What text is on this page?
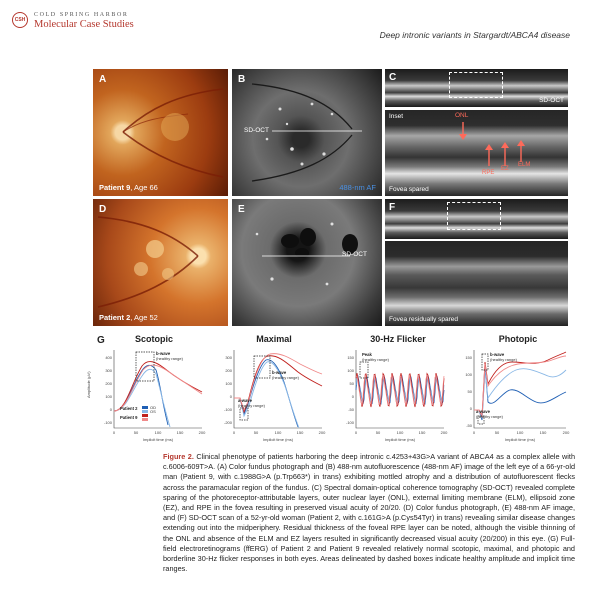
CSH
COLD SPRING HARBOR
Molecular Case Studies
Deep intronic variants in Stargardt/ABCA4 disease
A
Patient 9, Age 66
B
SD-OCT
488-nm AF
C
SD-OCT
Inset	ONL
RPE
EZ
ELM
Fovea spared
D
Patient 2, Age 52
E
SD-OCT
F
Fovea residually spared
G	Scotopic
Amplitude (µV)
400
300
200
100
0
-100
0	50	100	150	200
Implicit time (ms)
b-wave
(healthy range)
Patient 2
Patient 9
OD
OS
Maximal
300
200
100
0
-100
-200
0	50	100	150	200
Implicit time (ms)
b-wave
(healthy range)
a-wave
(healthy range)
30-Hz Flicker
150
100
50
0
-50
-100
0	50	100	150	200
Implicit time (ms)
Peak
(healthy range)
Photopic
150
100
50
0
-50
0	50	100	150	200
Implicit time (ms)
b-wave
(healthy range)
a-wave
(healthy range)
Figure 2. Clinical phenotype of patients harboring the deep intronic c.4253+43G>A variant of ABCA4 as a complex allele with c.6006-609T>A. (A) Color fundus photograph and (B) 488-nm autofluorescence (488-nm AF) image of the left eye of a 66-yr-old man (Patient 9, with c.1988G>A (p.Trp663*) in trans) exhibiting mottled atrophy and a distribution of autofluorescent flecks across the paramacular region of the fundus. (C) Spectral domain-optical coherence tomography (SD-OCT) revealed complete sparing of the photoreceptor-attributable layers, outer nuclear layer (ONL), external limiting membrane (ELM), ellipsoid zone (EZ), and RPE in the fovea resulting in preserved visual acuity of 20/20. (D) Color fundus photograph, (E) 488-nm AF image, and (F) SD-OCT scan of a 52-yr-old woman (Patient 2, with c.161G>A (p.Cys54Tyr) in trans) revealing similar disease changes extending out into the midperiphery. Residual thickness of the foveal RPE layer can be noted, although the visible thinning of the ONL and absence of the ELM and EZ layers resulted in significantly decreased visual acuity (20/200) in this eye. (G) Full-field electroretinograms (ffERG) of Patient 2 and Patient 9 revealed relatively normal scotopic, maximal, and photopic and borderline 30-Hz flicker responses in both eyes. Areas delineated by dashed boxes indicate healthy amplitude and implicit time ranges.
